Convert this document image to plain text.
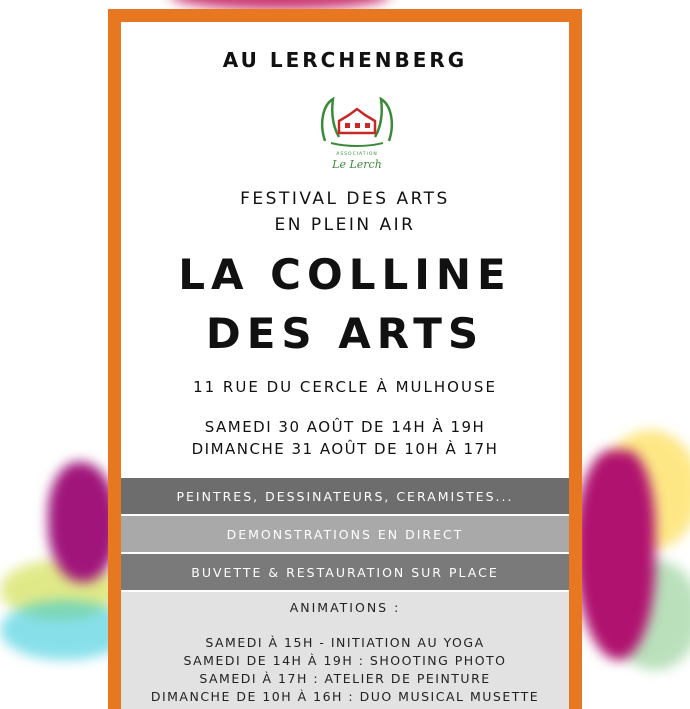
AU LERCHENBERG
ASSOCIATION
Le Lerch
FESTIVAL DES ARTS
EN PLEIN AIR
LA COLLINE
DES ARTS
11 RUE DU CERCLE À MULHOUSE
SAMEDI 30 AOÛT DE 14H À 19H
DIMANCHE 31 AOÛT DE 10H À 17H
PEINTRES, DESSINATEURS, CERAMISTES...
DEMONSTRATIONS EN DIRECT
BUVETTE & RESTAURATION SUR PLACE
ANIMATIONS :
SAMEDI À 15H - INITIATION AU YOGA
SAMEDI DE 14H À 19H : SHOOTING PHOTO
SAMEDI À 17H : ATELIER DE PEINTURE
DIMANCHE DE 10H À 16H : DUO MUSICAL MUSETTE
